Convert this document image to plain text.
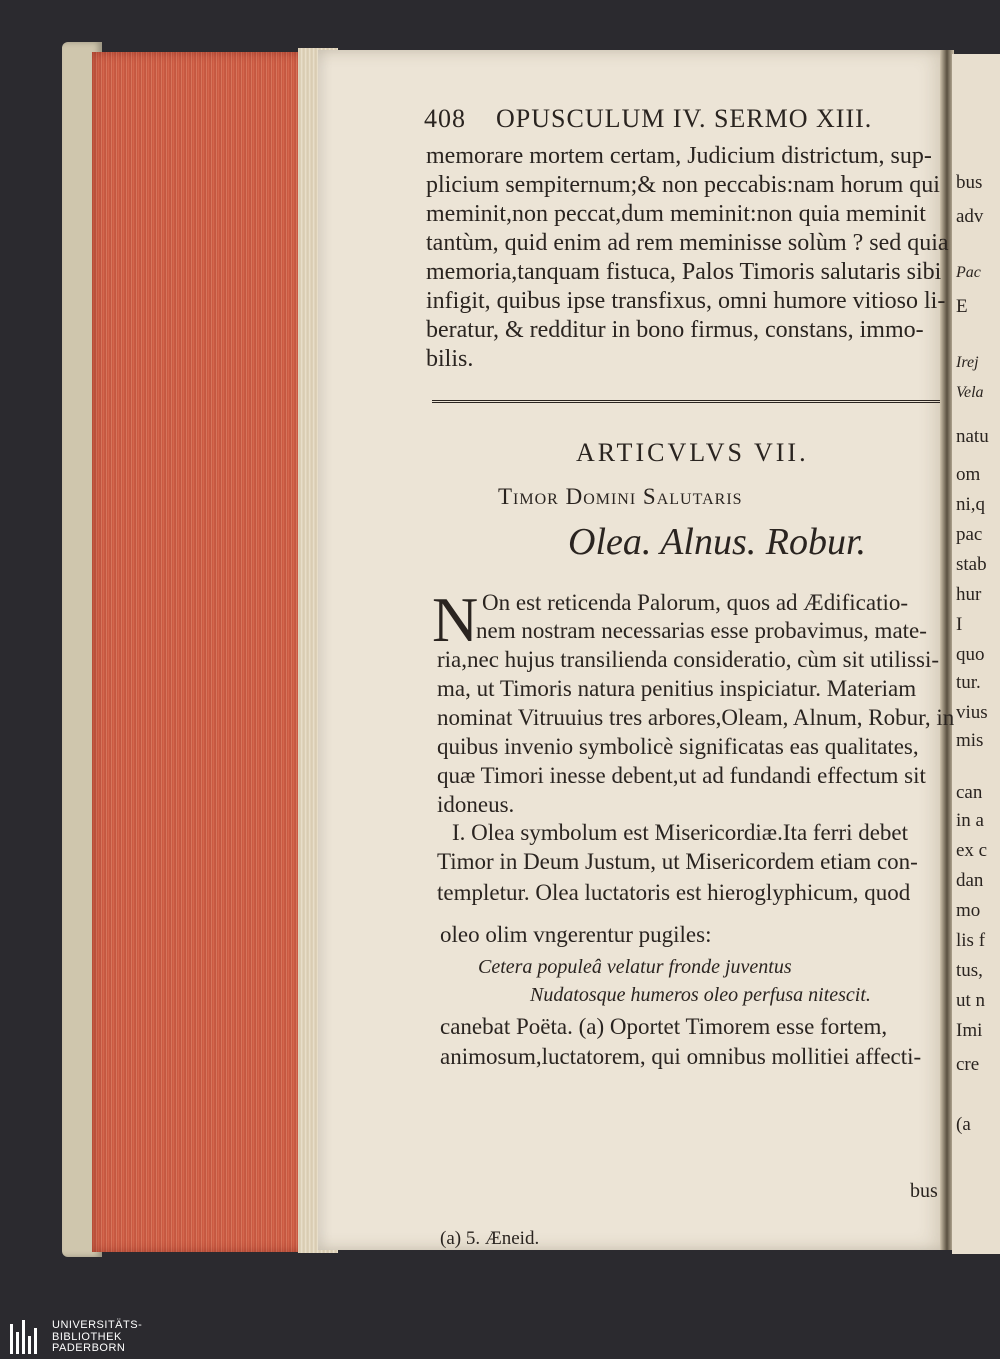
bus
adv
Pac
E
Irej
Vela
natu
om
ni,q
pac
stab
hur
I
quo
tur.
vius
mis
can
in a
ex c
dan
mo
lis f
tus,
ut n
Imi
cre
(a
408 OPUSCULUM IV. SERMO XIII.
memorare mortem certam, Judicium districtum, sup-
plicium sempiternum;& non peccabis:nam horum qui
meminit,non peccat,dum meminit:non quia meminit
tantùm, quid enim ad rem meminisse solùm ? sed quia
memoria,tanquam fistuca, Palos Timoris salutaris sibi
infigit, quibus ipse transfixus, omni humore vitioso li-
beratur, & redditur in bono firmus, constans, immo-
bilis.
ARTICVLVS VII.
Timor Domini Salutaris
Olea. Alnus. Robur.
N On est reticenda Palorum, quos ad Ædificatio-
nem nostram necessarias esse probavimus, mate-
ria,nec hujus transilienda consideratio, cùm sit utilissi-
ma, ut Timoris natura penitius inspiciatur. Materiam
nominat Vitruuius tres arbores,Oleam, Alnum, Robur, in
quibus invenio symbolicè significatas eas qualitates,
quæ Timori inesse debent,ut ad fundandi effectum sit
idoneus.
I. Olea symbolum est Misericordiæ.Ita ferri debet
Timor in Deum Justum, ut Misericordem etiam con-
templetur. Olea luctatoris est hieroglyphicum, quod
oleo olim vngerentur pugiles:
Cetera populeâ velatur fronde juventus
Nudatosque humeros oleo perfusa nitescit.
canebat Poëta. (a) Oportet Timorem esse fortem,
animosum,luctatorem, qui omnibus mollitiei affecti-
bus
(a) 5. Æneid.
UNIVERSITÄTS-
BIBLIOTHEK
PADERBORN
